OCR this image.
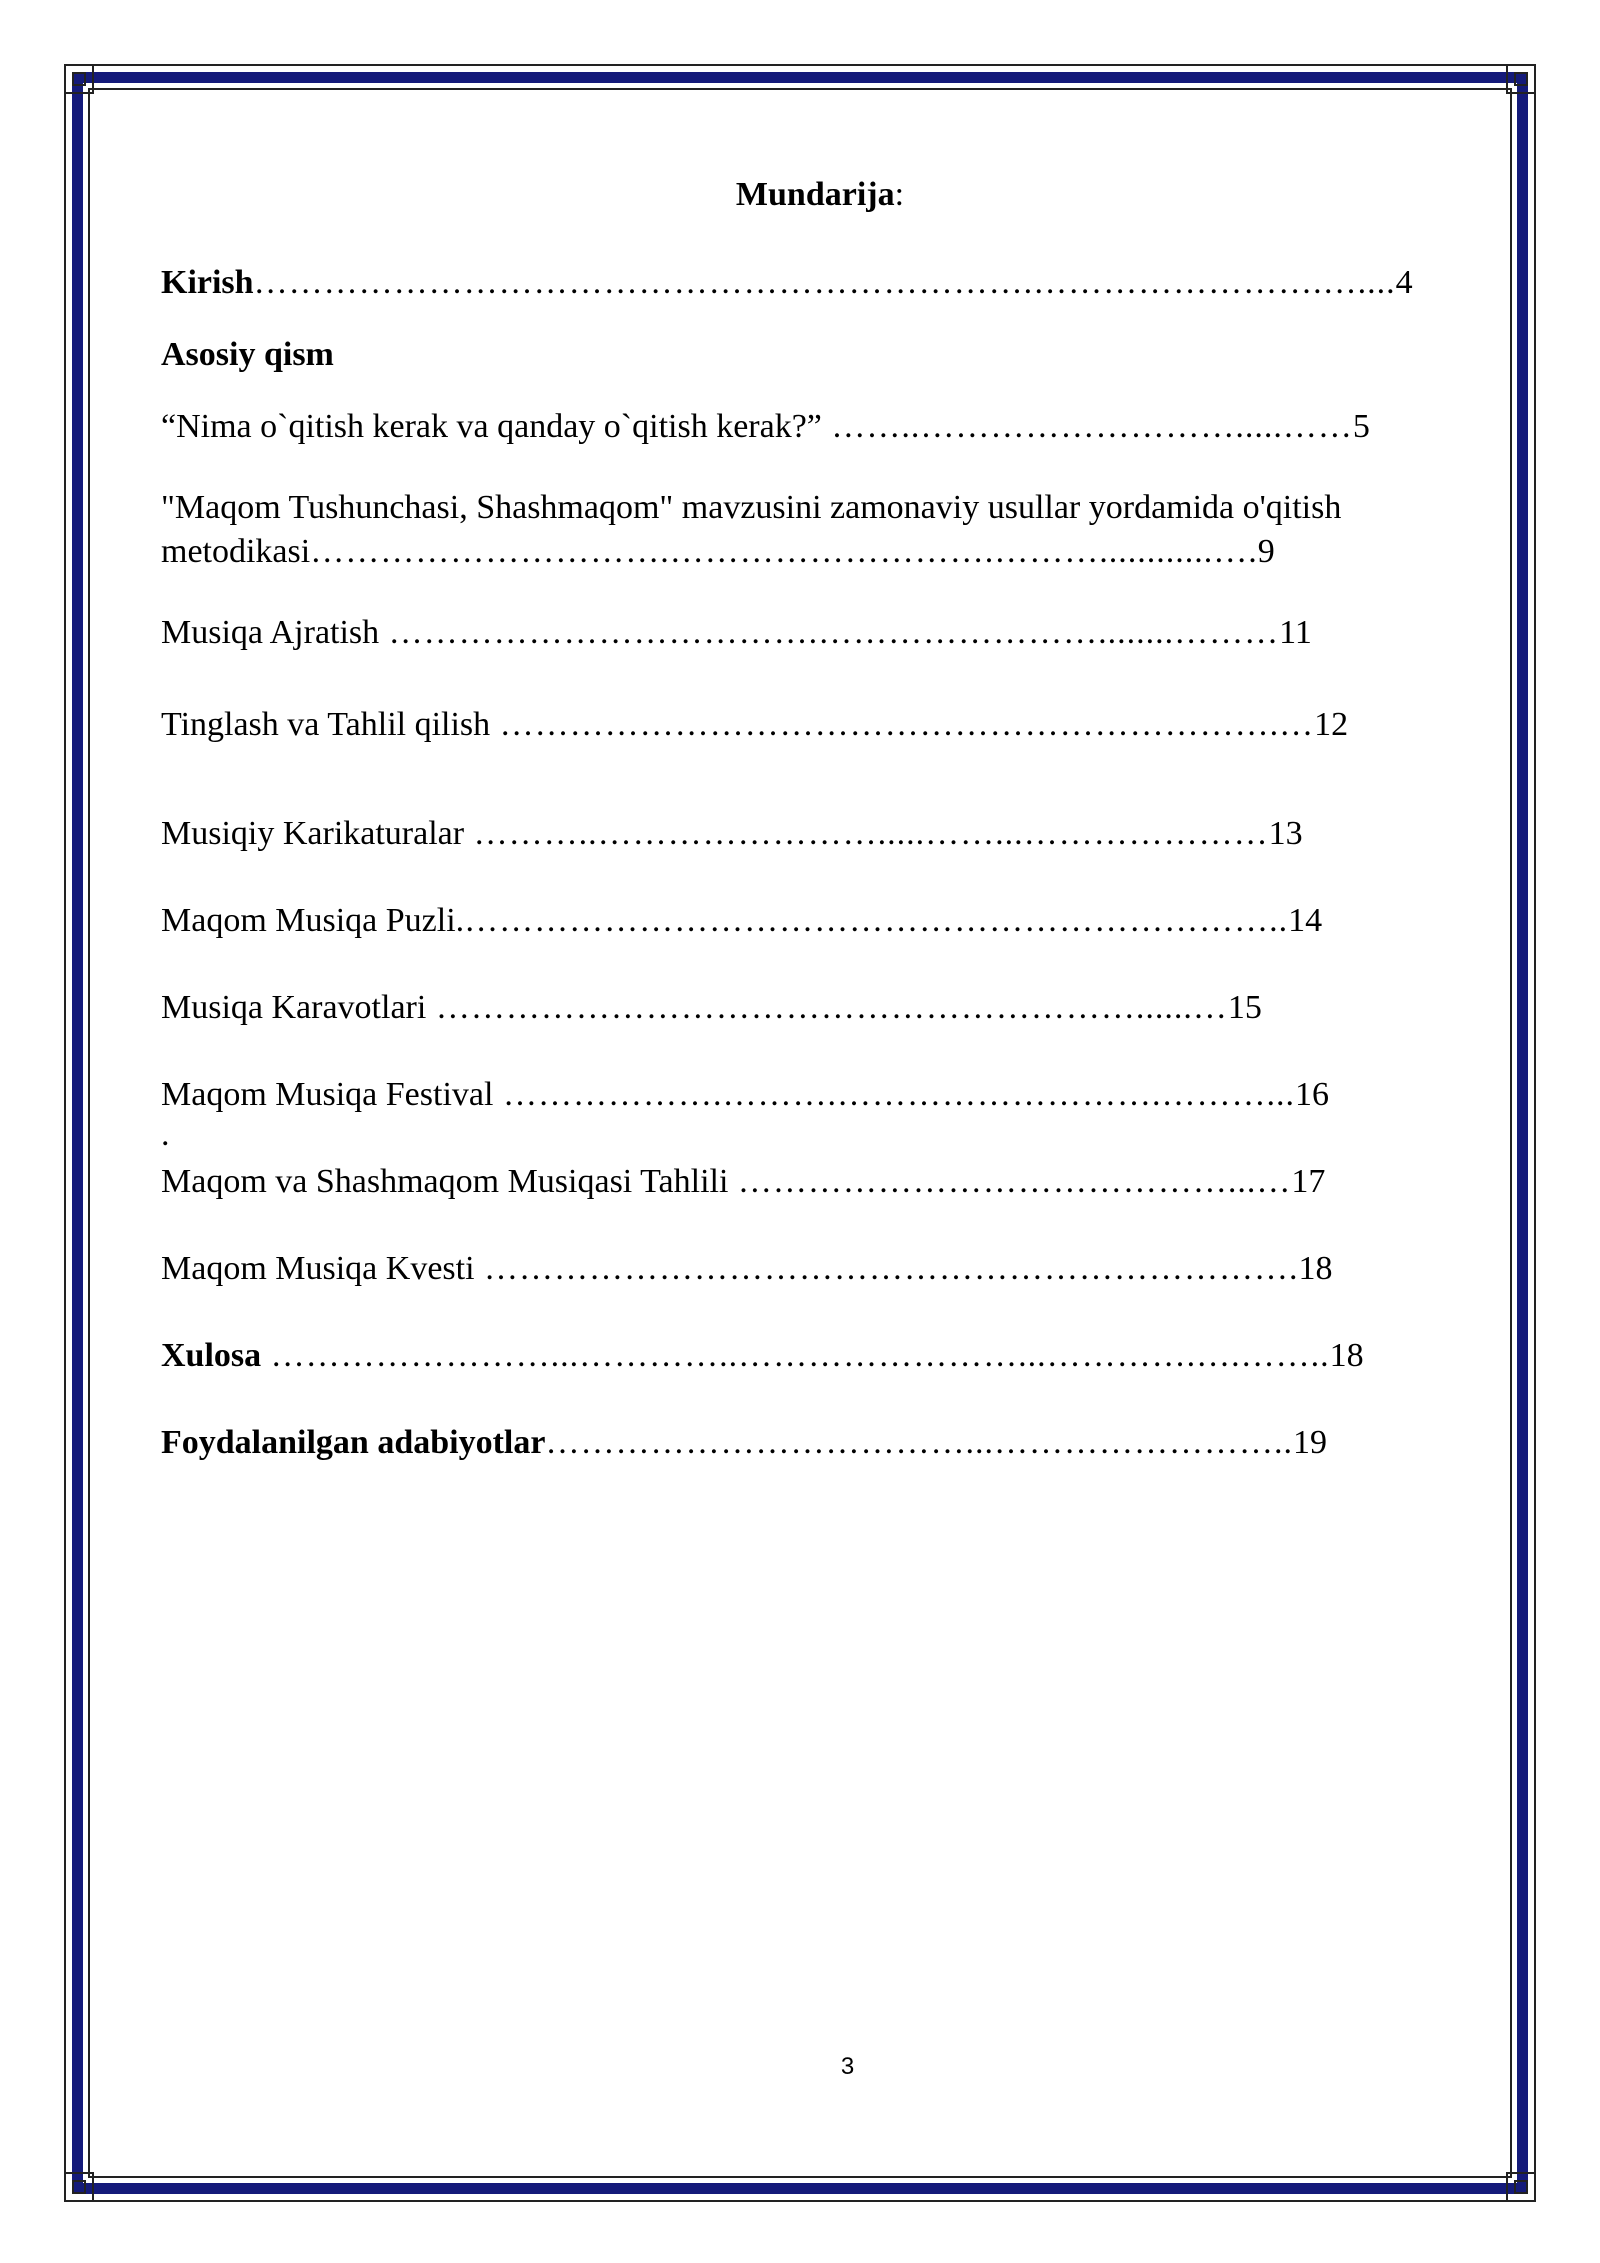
Mundarija:
Kirish………………………………………………………….…………………….…....4
Asosiy qism
“Nima o`qitish kerak va qanday o`qitish kerak?” ……..……………………….....……5
"Maqom Tushunchasi, Shashmaqom" mavzusini zamonaviy usullar yordamida o'qitish
metodikasi………………………….……………………….………............….9
Musiqa Ajratish ……………………………….……………………........………11
Tinglash va Tahlil qilish ………………………………………………………….…12
Musiqiy Karikaturalar ………..…………………….....……...…………………13
Maqom Musiqa Puzli.……………………………………………………………..14
Musiqa Karavotlari ……………………………………………………......…15
Maqom Musiqa Festival ……………….……….……………………….………...16
.
Maqom va Shashmaqom Musiqasi Tahlili ……………………………………...…17
Maqom Musiqa Kvesti …………………………………………………………….18
Xulosa ……………………...…………..……………………...………….….……..18
Foydalanilgan adabiyotlar………………………………...……………………..19
3
